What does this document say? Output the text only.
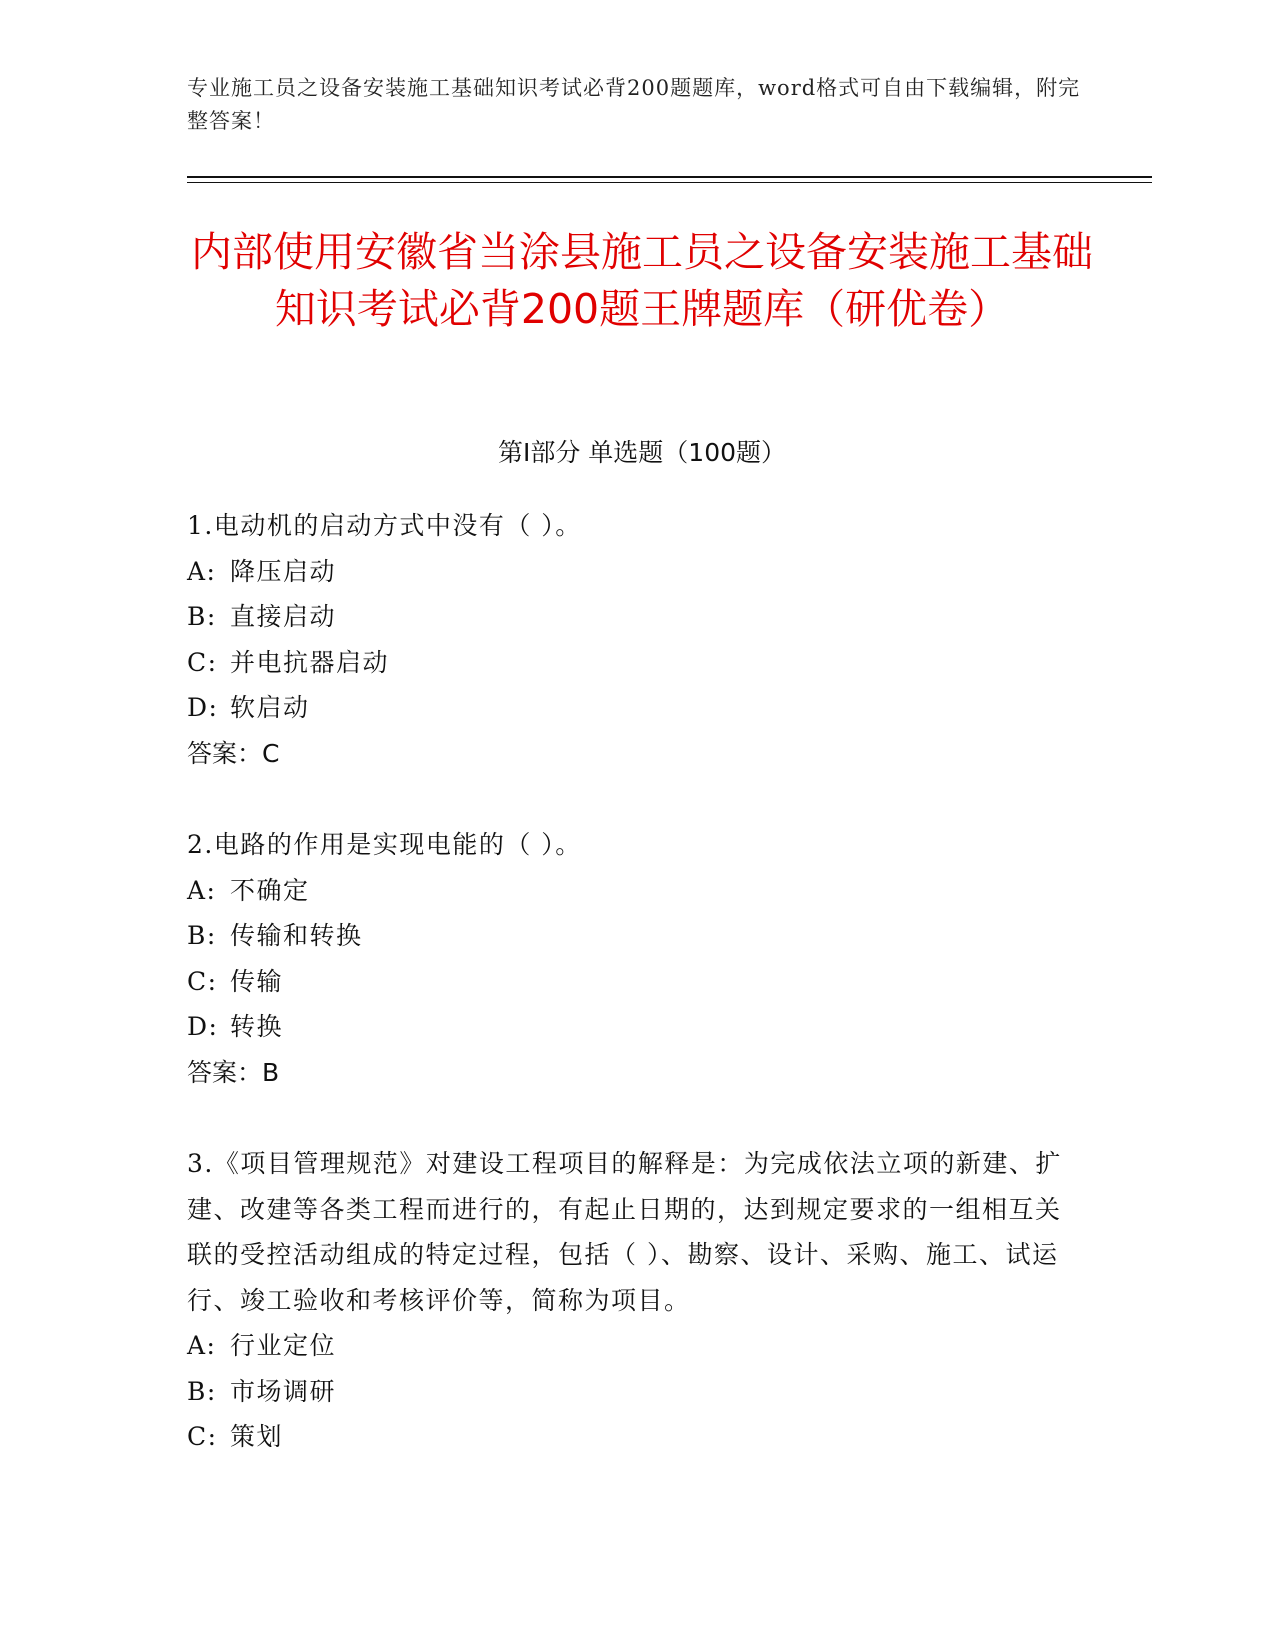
专业施工员之设备安装施工基础知识考试必背200题题库，word格式可自由下载编辑，附完整答案！
内部使用安徽省当涂县施工员之设备安装施工基础知识考试必背200题王牌题库（研优卷）
第I部分 单选题（100题）
1.电动机的启动方式中没有（ ）。
A: 降压启动
B: 直接启动
C: 并电抗器启动
D: 软启动
答案：C
2.电路的作用是实现电能的（ ）。
A: 不确定
B: 传输和转换
C: 传输
D: 转换
答案：B
3.《项目管理规范》对建设工程项目的解释是：为完成依法立项的新建、扩建、改建等各类工程而进行的，有起止日期的，达到规定要求的一组相互关联的受控活动组成的特定过程，包括（ ）、勘察、设计、采购、施工、试运行、竣工验收和考核评价等，简称为项目。
A: 行业定位
B: 市场调研
C: 策划
